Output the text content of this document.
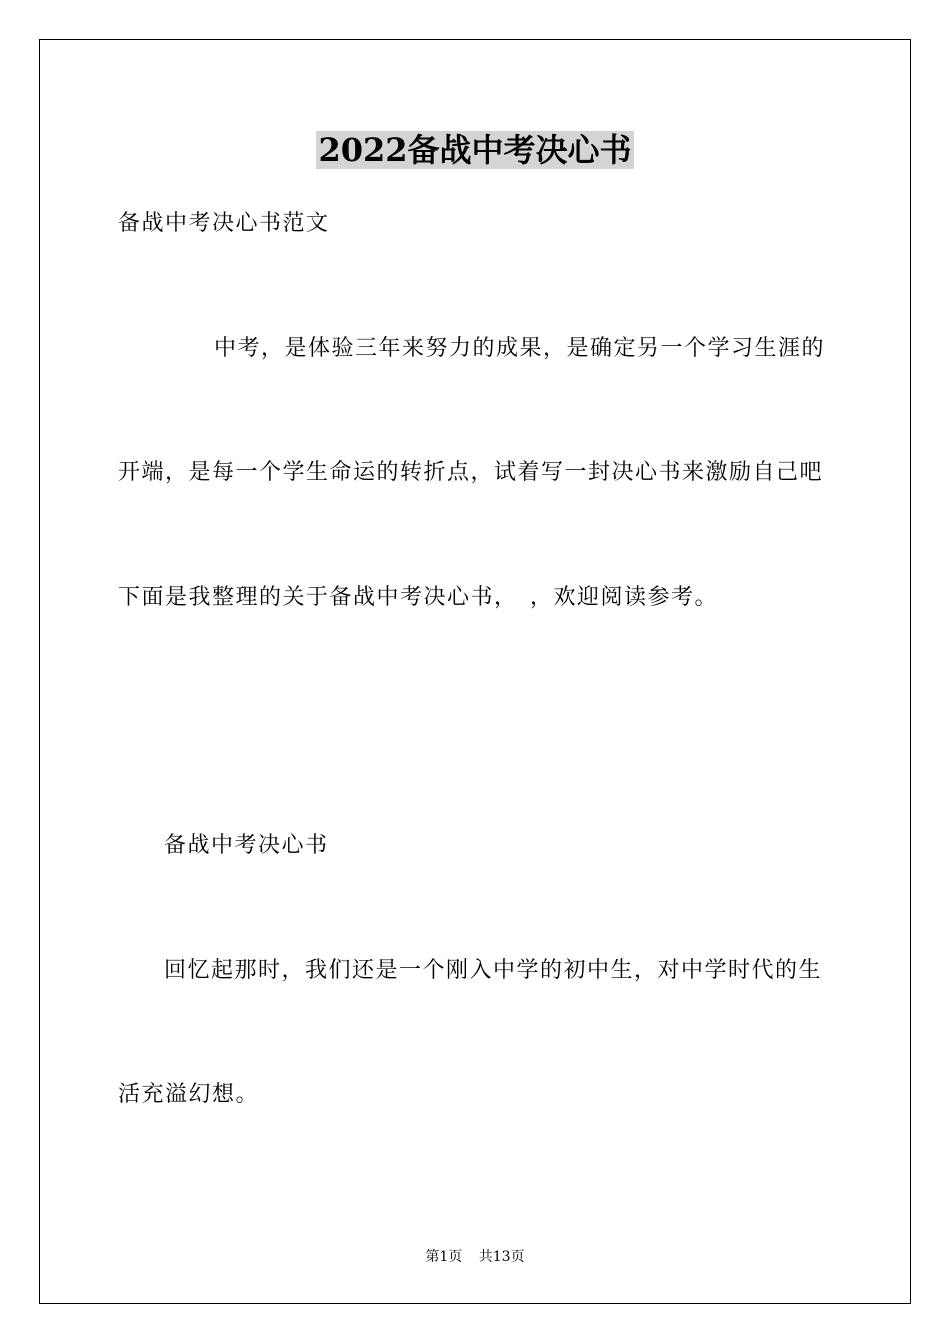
2022备战中考决心书
备战中考决心书范文
中考，是体验三年来努力的成果，是确定另一个学习生涯的
开端，是每一个学生命运的转折点，试着写一封决心书来激励自己吧
下面是我整理的关于备战中考决心书，　，欢迎阅读参考。
备战中考决心书
回忆起那时，我们还是一个刚入中学的初中生，对中学时代的生
活充溢幻想。
第1页 共13页
